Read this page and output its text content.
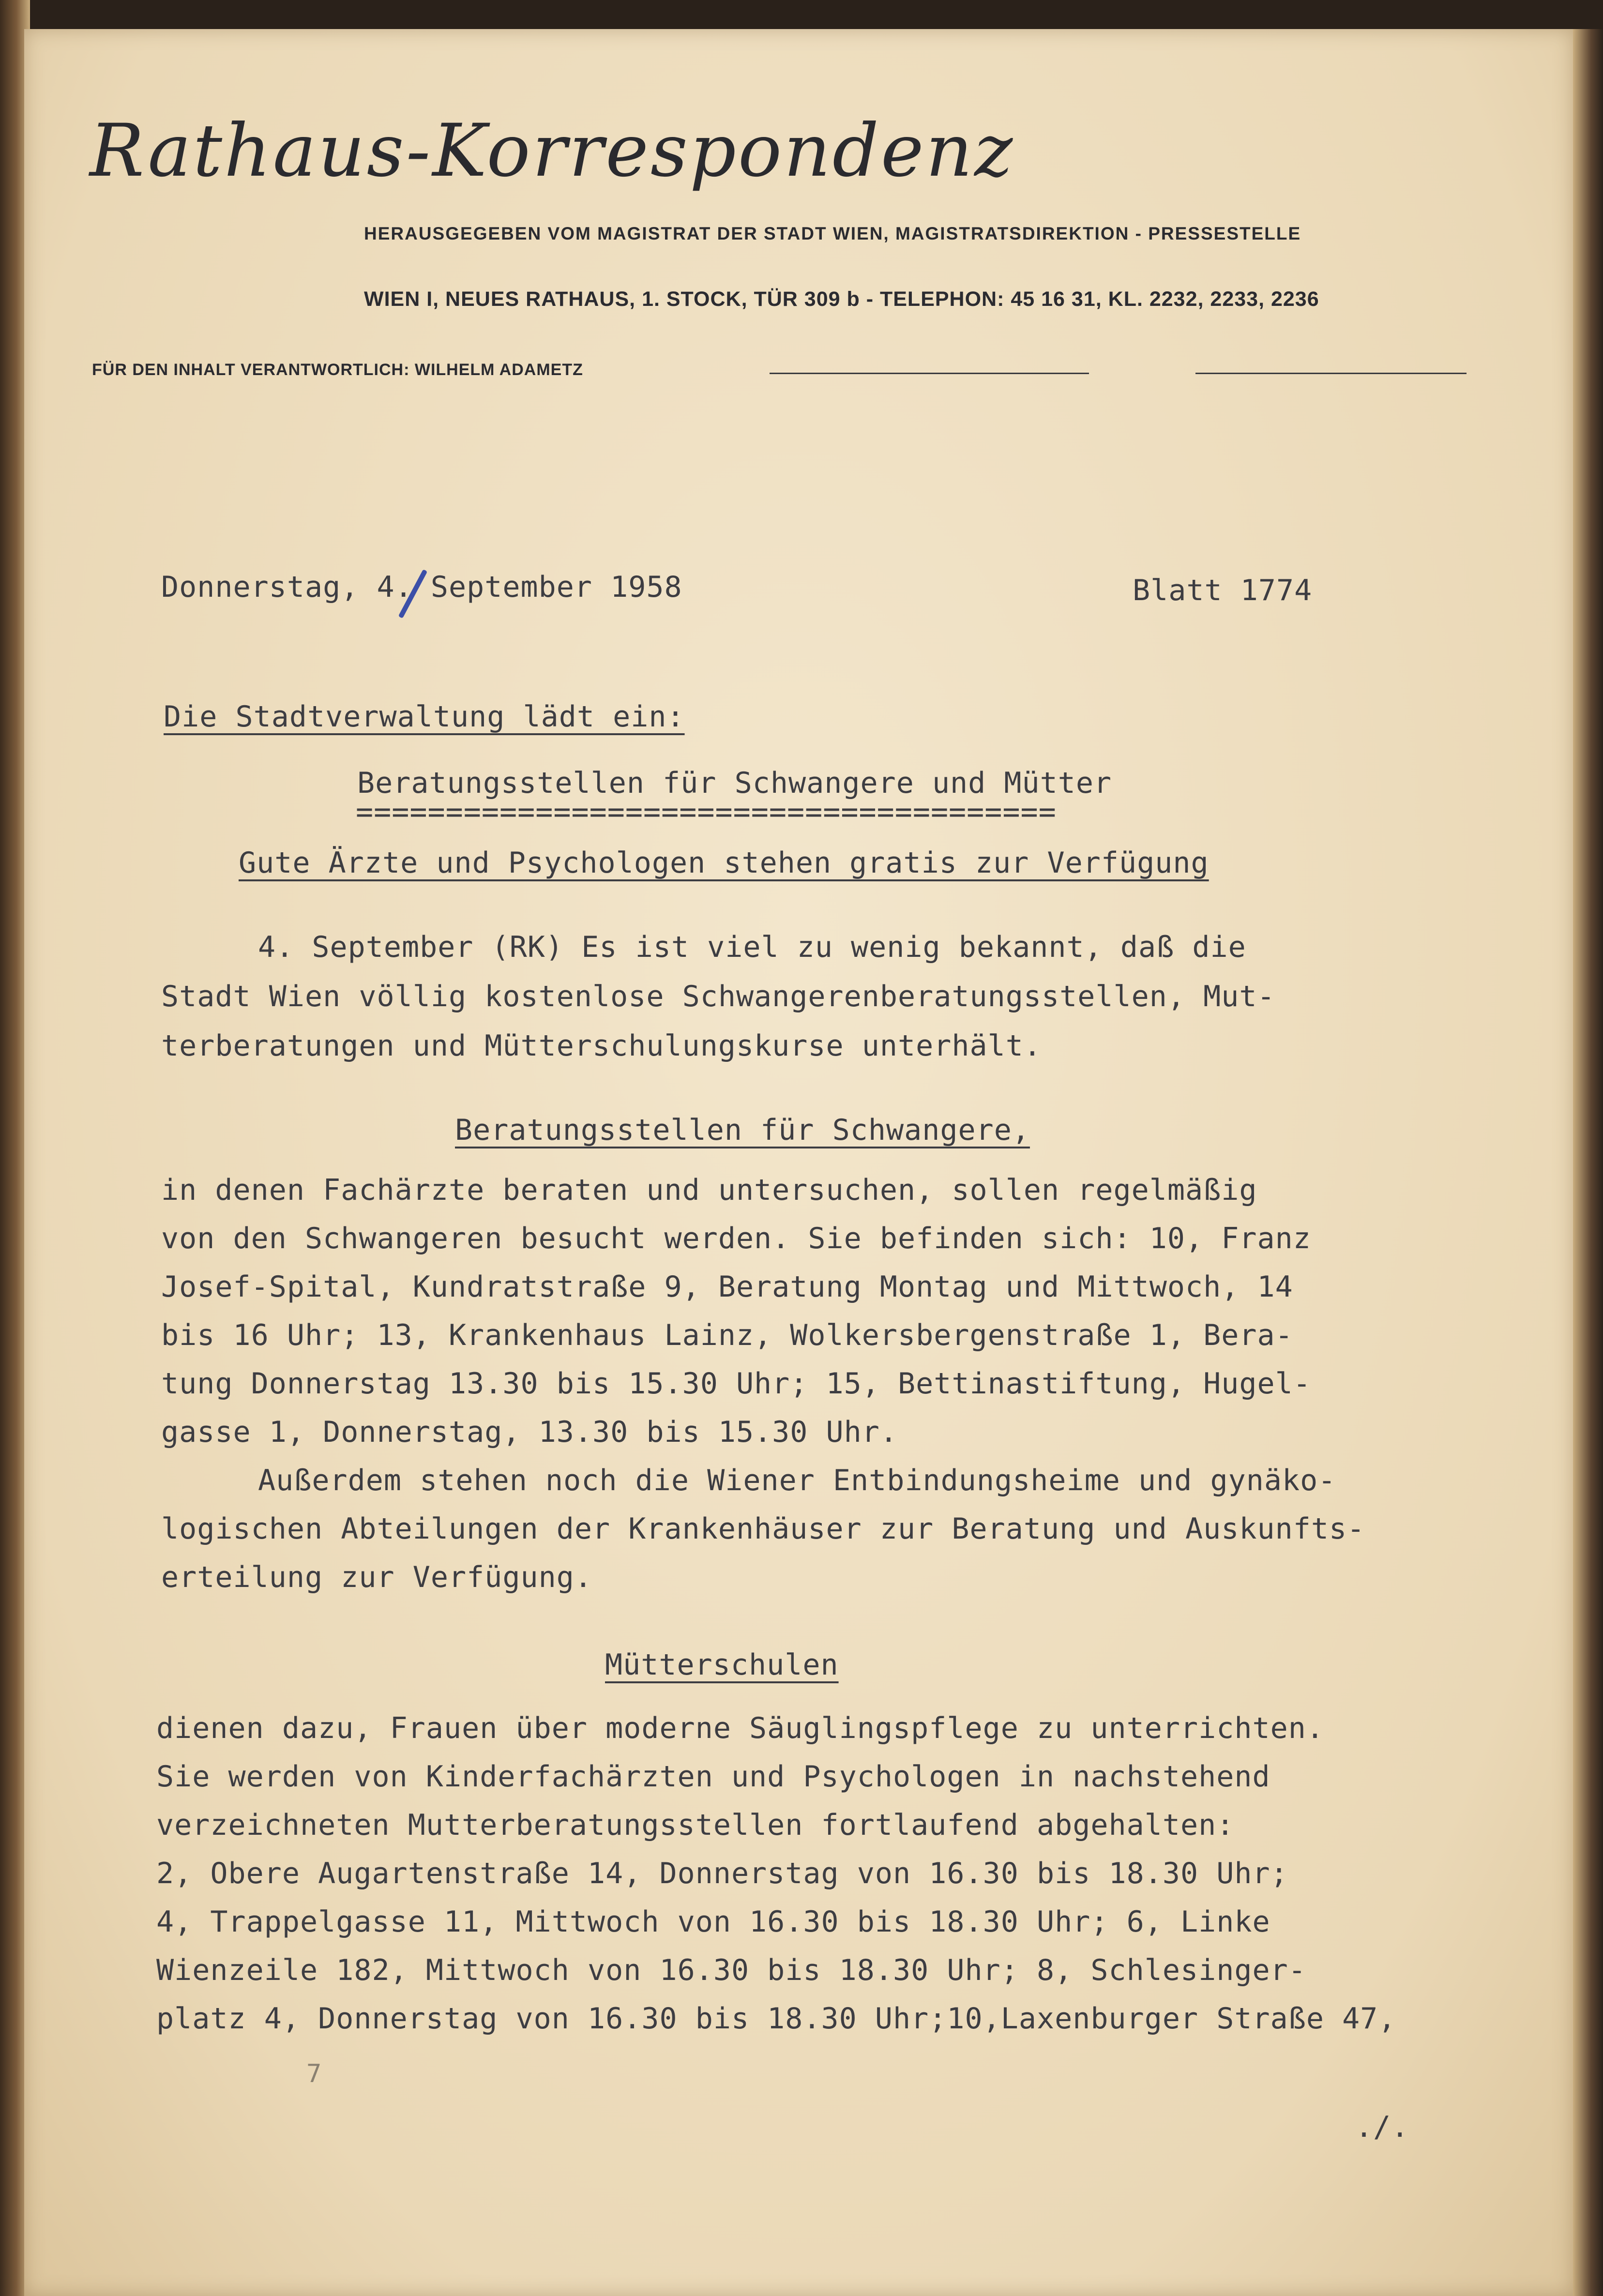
Rathaus-Korrespondenz
HERAUSGEGEBEN VOM MAGISTRAT DER STADT WIEN, MAGISTRATSDIREKTION - PRESSESTELLE
WIEN I, NEUES RATHAUS, 1. STOCK, TÜR 309 b - TELEPHON: 45 16 31, KL. 2232, 2233, 2236
FÜR DEN INHALT VERANTWORTLICH: WILHELM ADAMETZ
Donnerstag, 4. September 1958	Blatt 1774
Die Stadtverwaltung lädt ein:
Beratungsstellen für Schwangere und Mütter
=======================================
Gute Ärzte und Psychologen stehen gratis zur Verfügung
4. September (RK) Es ist viel zu wenig bekannt, daß die
Stadt Wien völlig kostenlose Schwangerenberatungsstellen, Mut-
terberatungen und Mütterschulungskurse unterhält.
Beratungsstellen für Schwangere,
in denen Fachärzte beraten und untersuchen, sollen regelmäßig
von den Schwangeren besucht werden. Sie befinden sich: 10, Franz
Josef-Spital, Kundratstraße 9, Beratung Montag und Mittwoch, 14
bis 16 Uhr; 13, Krankenhaus Lainz, Wolkersbergenstraße 1, Bera-
tung Donnerstag 13.30 bis 15.30 Uhr; 15, Bettinastiftung, Hugel-
gasse 1, Donnerstag, 13.30 bis 15.30 Uhr.
Außerdem stehen noch die Wiener Entbindungsheime und gynäko-
logischen Abteilungen der Krankenhäuser zur Beratung und Auskunfts-
erteilung zur Verfügung.
Mütterschulen
dienen dazu, Frauen über moderne Säuglingspflege zu unterrichten.
Sie werden von Kinderfachärzten und Psychologen in nachstehend
verzeichneten Mutterberatungsstellen fortlaufend abgehalten:
2, Obere Augartenstraße 14, Donnerstag von 16.30 bis 18.30 Uhr;
4, Trappelgasse 11, Mittwoch von 16.30 bis 18.30 Uhr; 6, Linke
Wienzeile 182, Mittwoch von 16.30 bis 18.30 Uhr; 8, Schlesinger-
platz 4, Donnerstag von 16.30 bis 18.30 Uhr;10,Laxenburger Straße 47,
7
./.
